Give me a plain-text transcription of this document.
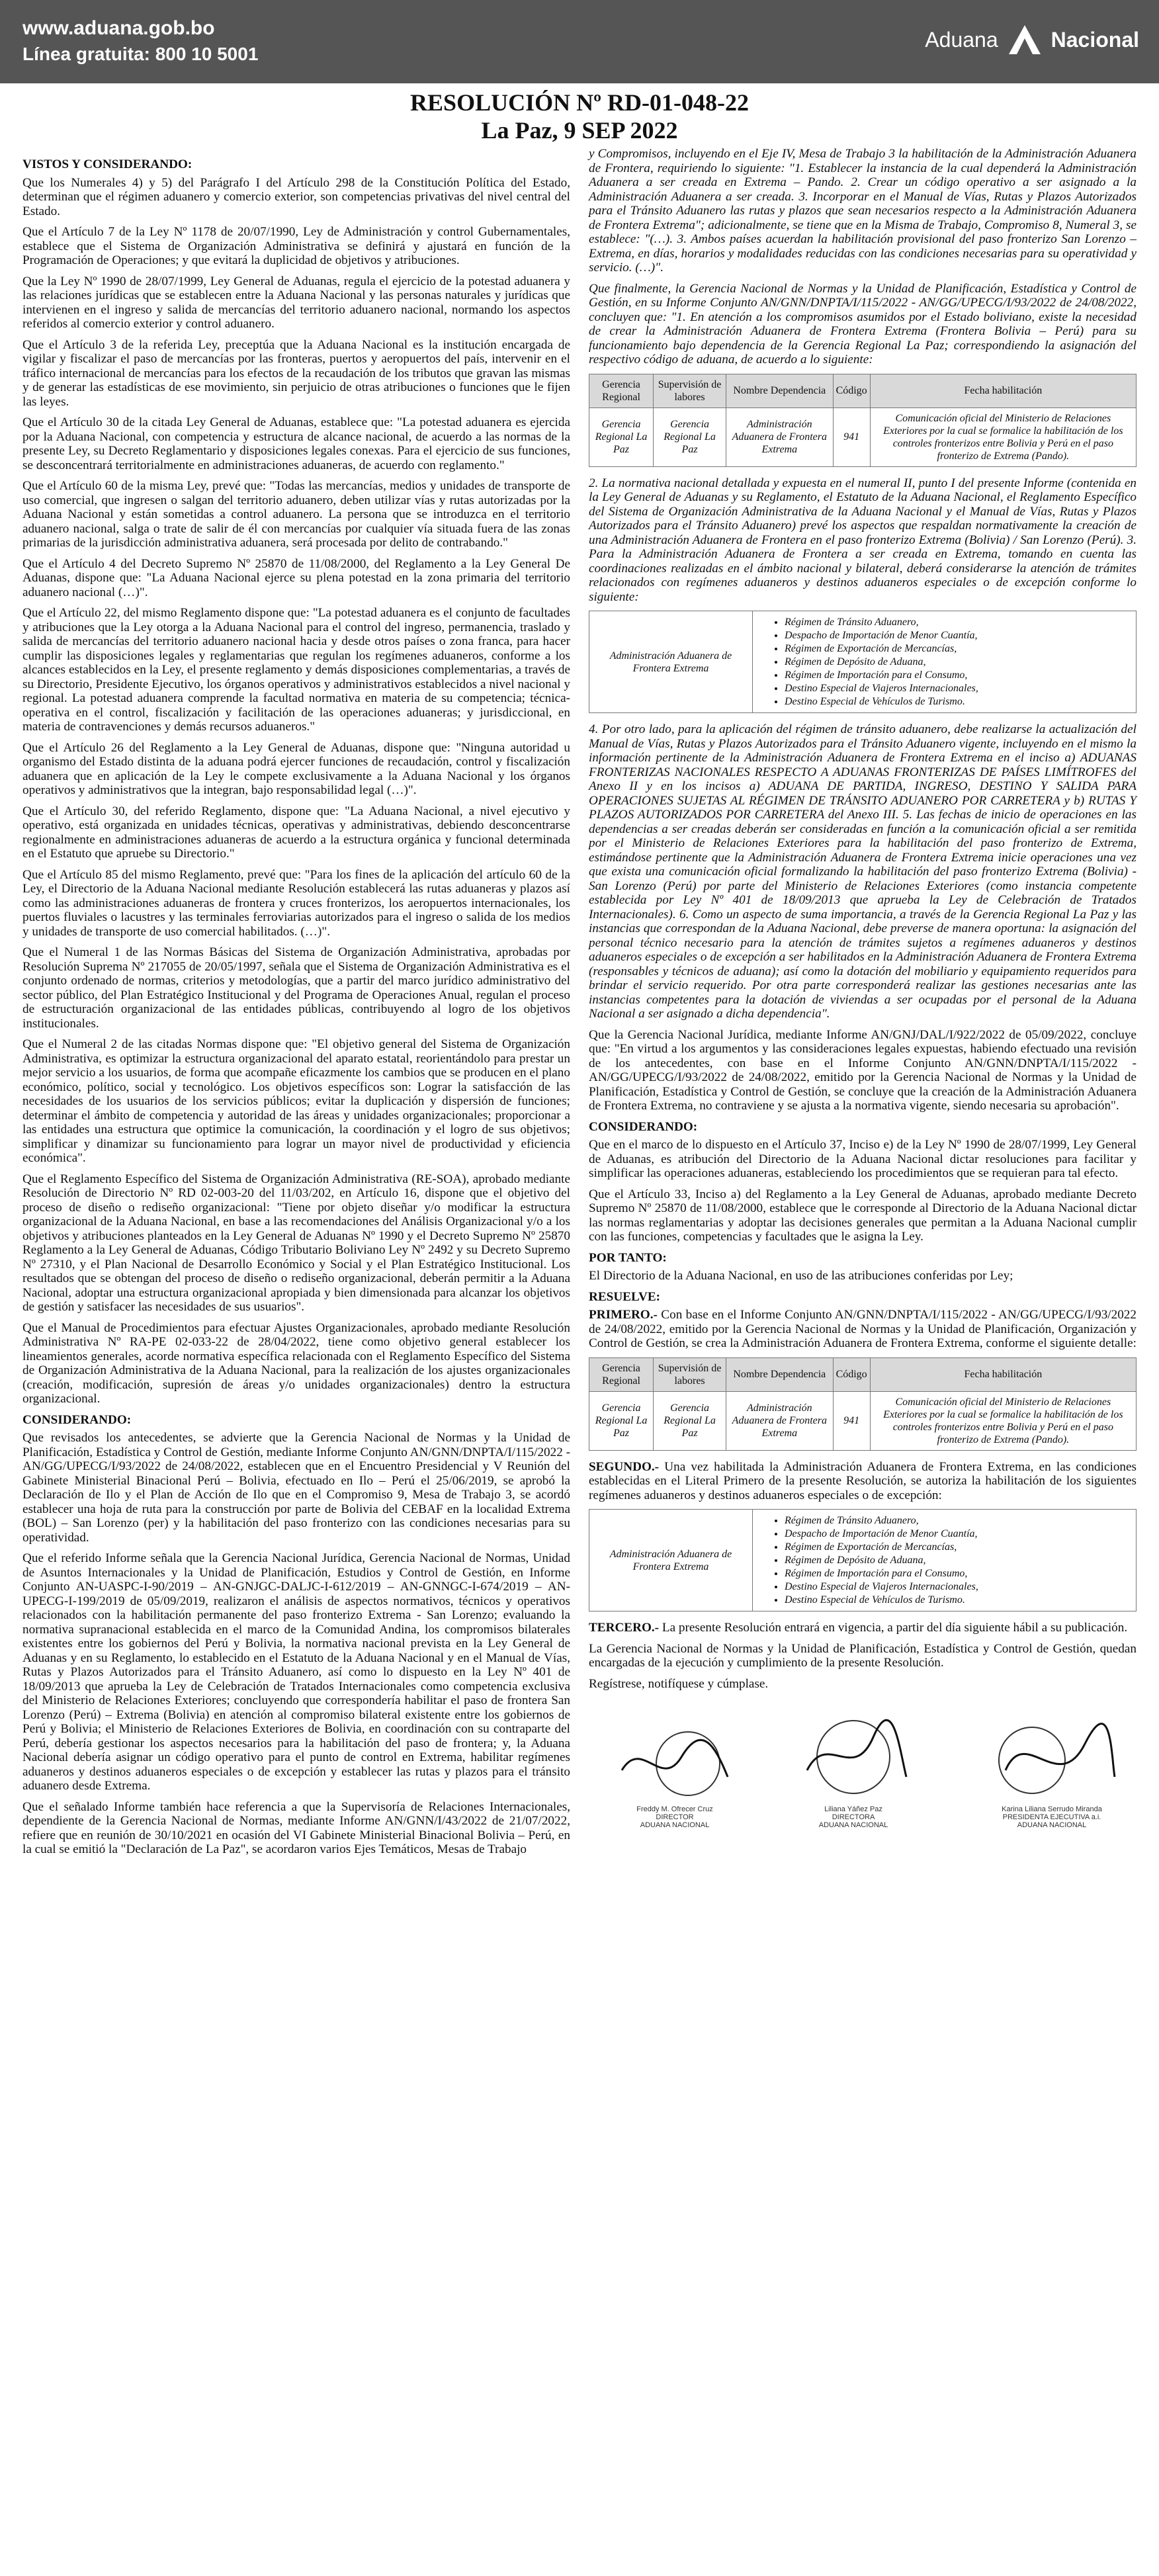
www.aduana.gob.bo
Línea gratuita: 800 10 5001
Aduana	Nacional
RESOLUCIÓN Nº RD-01-048-22
La Paz, 9 SEP 2022
VISTOS Y CONSIDERANDO:

Que los Numerales 4) y 5) del Parágrafo I del Artículo 298 de la Constitución Política del Estado, determinan que el régimen aduanero y comercio exterior, son competencias privativas del nivel central del Estado.

Que el Artículo 7 de la Ley Nº 1178 de 20/07/1990, Ley de Administración y control Gubernamentales, establece que el Sistema de Organización Administrativa se definirá y ajustará en función de la Programación de Operaciones; y que evitará la duplicidad de objetivos y atribuciones.

Que la Ley Nº 1990 de 28/07/1999, Ley General de Aduanas, regula el ejercicio de la potestad aduanera y las relaciones jurídicas que se establecen entre la Aduana Nacional y las personas naturales y jurídicas que intervienen en el ingreso y salida de mercancías del territorio aduanero nacional, normando los aspectos referidos al comercio exterior y control aduanero.

Que el Artículo 3 de la referida Ley, preceptúa que la Aduana Nacional es la institución encargada de vigilar y fiscalizar el paso de mercancías por las fronteras, puertos y aeropuertos del país, intervenir en el tráfico internacional de mercancías para los efectos de la recaudación de los tributos que gravan las mismas y de generar las estadísticas de ese movimiento, sin perjuicio de otras atribuciones o funciones que le fijen las leyes.

Que el Artículo 30 de la citada Ley General de Aduanas, establece que: "La potestad aduanera es ejercida por la Aduana Nacional, con competencia y estructura de alcance nacional, de acuerdo a las normas de la presente Ley, su Decreto Reglamentario y disposiciones legales conexas. Para el ejercicio de sus funciones, se desconcentrará territorialmente en administraciones aduaneras, de acuerdo con reglamento."

Que el Artículo 60 de la misma Ley, prevé que: "Todas las mercancías, medios y unidades de transporte de uso comercial, que ingresen o salgan del territorio aduanero, deben utilizar vías y rutas autorizadas por la Aduana Nacional y están sometidas a control aduanero. La persona que se introduzca en el territorio aduanero nacional, salga o trate de salir de él con mercancías por cualquier vía situada fuera de las zonas primarias de la jurisdicción administrativa aduanera, será procesada por delito de contrabando."

Que el Artículo 4 del Decreto Supremo Nº 25870 de 11/08/2000, del Reglamento a la Ley General De Aduanas, dispone que: "La Aduana Nacional ejerce su plena potestad en la zona primaria del territorio aduanero nacional (…)".

Que el Artículo 22, del mismo Reglamento dispone que: "La potestad aduanera es el conjunto de facultades y atribuciones que la Ley otorga a la Aduana Nacional para el control del ingreso, permanencia, traslado y salida de mercancías del territorio aduanero nacional hacia y desde otros países o zona franca, para hacer cumplir las disposiciones legales y reglamentarias que regulan los regímenes aduaneros, conforme a los alcances establecidos en la Ley, el presente reglamento y demás disposiciones complementarias, a través de su Directorio, Presidente Ejecutivo, los órganos operativos y administrativos establecidos a nivel nacional y regional. La potestad aduanera comprende la facultad normativa en materia de su competencia; técnica-operativa en el control, fiscalización y facilitación de las operaciones aduaneras; y jurisdiccional, en materia de contravenciones y demás recursos aduaneros."

Que el Artículo 26 del Reglamento a la Ley General de Aduanas, dispone que: "Ninguna autoridad u organismo del Estado distinta de la aduana podrá ejercer funciones de recaudación, control y fiscalización aduanera que en aplicación de la Ley le compete exclusivamente a la Aduana Nacional y los órganos operativos y administrativos que la integran, bajo responsabilidad legal (…)".

Que el Artículo 30, del referido Reglamento, dispone que: "La Aduana Nacional, a nivel ejecutivo y operativo, está organizada en unidades técnicas, operativas y administrativas, debiendo desconcentrarse regionalmente en administraciones aduaneras de acuerdo a la estructura orgánica y funcional determinada en el Estatuto que apruebe su Directorio."

Que el Artículo 85 del mismo Reglamento, prevé que: "Para los fines de la aplicación del artículo 60 de la Ley, el Directorio de la Aduana Nacional mediante Resolución establecerá las rutas aduaneras y plazos así como las administraciones aduaneras de frontera y cruces fronterizos, los aeropuertos internacionales, los puertos fluviales o lacustres y las terminales ferroviarias autorizados para el ingreso o salida de los medios y unidades de transporte de uso comercial habilitados. (…)".

Que el Numeral 1 de las Normas Básicas del Sistema de Organización Administrativa, aprobadas por Resolución Suprema Nº 217055 de 20/05/1997, señala que el Sistema de Organización Administrativa es el conjunto ordenado de normas, criterios y metodologías, que a partir del marco jurídico administrativo del sector público, del Plan Estratégico Institucional y del Programa de Operaciones Anual, regulan el proceso de estructuración organizacional de las entidades públicas, contribuyendo al logro de los objetivos institucionales.

Que el Numeral 2 de las citadas Normas dispone que: "El objetivo general del Sistema de Organización Administrativa, es optimizar la estructura organizacional del aparato estatal, reorientándolo para prestar un mejor servicio a los usuarios, de forma que acompañe eficazmente los cambios que se producen en el plano económico, político, social y tecnológico. Los objetivos específicos son: Lograr la satisfacción de las necesidades de los usuarios de los servicios públicos; evitar la duplicación y dispersión de funciones; determinar el ámbito de competencia y autoridad de las áreas y unidades organizacionales; proporcionar a las entidades una estructura que optimice la comunicación, la coordinación y el logro de sus objetivos; simplificar y dinamizar su funcionamiento para lograr un mayor nivel de productividad y eficiencia económica".

Que el Reglamento Específico del Sistema de Organización Administrativa (RE-SOA), aprobado mediante Resolución de Directorio Nº RD 02-003-20 del 11/03/202, en Artículo 16, dispone que el objetivo del proceso de diseño o rediseño organizacional: "Tiene por objeto diseñar y/o modificar la estructura organizacional de la Aduana Nacional, en base a las recomendaciones del Análisis Organizacional y/o a los objetivos y atribuciones planteados en la Ley General de Aduanas Nº 1990 y el Decreto Supremo Nº 25870 Reglamento a la Ley General de Aduanas, Código Tributario Boliviano Ley Nº 2492 y su Decreto Supremo Nº 27310, y el Plan Nacional de Desarrollo Económico y Social y el Plan Estratégico Institucional. Los resultados que se obtengan del proceso de diseño o rediseño organizacional, deberán permitir a la Aduana Nacional, adoptar una estructura organizacional apropiada y bien dimensionada para alcanzar los objetivos de gestión y satisfacer las necesidades de sus usuarios".

Que el Manual de Procedimientos para efectuar Ajustes Organizacionales, aprobado mediante Resolución Administrativa Nº RA-PE 02-033-22 de 28/04/2022, tiene como objetivo general establecer los lineamientos generales, acorde normativa específica relacionada con el Reglamento Específico del Sistema de Organización Administrativa de la Aduana Nacional, para la realización de los ajustes organizacionales (creación, modificación, supresión de áreas y/o unidades organizacionales) dentro la estructura organizacional.

CONSIDERANDO:

Que revisados los antecedentes, se advierte que la Gerencia Nacional de Normas y la Unidad de Planificación, Estadística y Control de Gestión, mediante Informe Conjunto AN/GNN/DNPTA/I/115/2022 - AN/GG/UPECG/I/93/2022 de 24/08/2022, establecen que en el Encuentro Presidencial y V Reunión del Gabinete Ministerial Binacional Perú – Bolivia, efectuado en Ilo – Perú el 25/06/2019, se aprobó la Declaración de Ilo y el Plan de Acción de Ilo que en el Compromiso 9, Mesa de Trabajo 3, se acordó establecer una hoja de ruta para la construcción por parte de Bolivia del CEBAF en la localidad Extrema (BOL) – San Lorenzo (per) y la habilitación del paso fronterizo con las condiciones necesarias para su operatividad.

Que el referido Informe señala que la Gerencia Nacional Jurídica, Gerencia Nacional de Normas, Unidad de Asuntos Internacionales y la Unidad de Planificación, Estudios y Control de Gestión, en Informe Conjunto AN-UASPC-I-90/2019 – AN-GNJGC-DALJC-I-612/2019 – AN-GNNGC-I-674/2019 – AN-UPECG-I-199/2019 de 05/09/2019, realizaron el análisis de aspectos normativos, técnicos y operativos relacionados con la habilitación permanente del paso fronterizo Extrema - San Lorenzo; evaluando la normativa supranacional establecida en el marco de la Comunidad Andina, los compromisos bilaterales existentes entre los gobiernos del Perú y Bolivia, la normativa nacional prevista en la Ley General de Aduanas y en su Reglamento, lo establecido en el Estatuto de la Aduana Nacional y en el Manual de Vías, Rutas y Plazos Autorizados para el Tránsito Aduanero, así como lo dispuesto en la Ley Nº 401 de 18/09/2013 que aprueba la Ley de Celebración de Tratados Internacionales como competencia exclusiva del Ministerio de Relaciones Exteriores; concluyendo que correspondería habilitar el paso de frontera San Lorenzo (Perú) – Extrema (Bolivia) en atención al compromiso bilateral existente entre los gobiernos de Perú y Bolivia; el Ministerio de Relaciones Exteriores de Bolivia, en coordinación con su contraparte del Perú, debería gestionar los aspectos necesarios para la habilitación del paso de frontera; y, la Aduana Nacional debería asignar un código operativo para el punto de control en Extrema, habilitar regímenes aduaneros y destinos aduaneros especiales o de excepción y establecer las rutas y plazos para el tránsito aduanero desde Extrema.

Que el señalado Informe también hace referencia a que la Supervisoría de Relaciones Internacionales, dependiente de la Gerencia Nacional de Normas, mediante Informe AN/GNN/I/43/2022 de 21/07/2022, refiere que en reunión de 30/10/2021 en ocasión del VI Gabinete Ministerial Binacional Bolivia – Perú, en la cual se emitió la "Declaración de La Paz", se acordaron varios Ejes Temáticos, Mesas de Trabajo

y Compromisos, incluyendo en el Eje IV, Mesa de Trabajo 3 la habilitación de la Administración Aduanera de Frontera, requiriendo lo siguiente: "1. Establecer la instancia de la cual dependerá la Administración Aduanera a ser creada en Extrema – Pando. 2. Crear un código operativo a ser asignado a la Administración Aduanera a ser creada. 3. Incorporar en el Manual de Vías, Rutas y Plazos Autorizados para el Tránsito Aduanero las rutas y plazos que sean necesarios respecto a la Administración Aduanera de Frontera Extrema"; adicionalmente, se tiene que en la Misma de Trabajo, Compromiso 8, Numeral 3, se establece: "(…). 3. Ambos países acuerdan la habilitación provisional del paso fronterizo San Lorenzo – Extrema, en días, horarios y modalidades reducidas con las condiciones necesarias para su operatividad y servicio. (…)".

Que finalmente, la Gerencia Nacional de Normas y la Unidad de Planificación, Estadística y Control de Gestión, en su Informe Conjunto AN/GNN/DNPTA/I/115/2022 - AN/GG/UPECG/I/93/2022 de 24/08/2022, concluyen que: "1. En atención a los compromisos asumidos por el Estado boliviano, existe la necesidad de crear la Administración Aduanera de Frontera Extrema (Frontera Bolivia – Perú) para su funcionamiento bajo dependencia de la Gerencia Regional La Paz; correspondiendo la asignación del respectivo código de aduana, de acuerdo a lo siguiente:

Gerencia Regional	Supervisión de labores	Nombre Dependencia	Código	Fecha habilitación
Gerencia Regional La Paz	Gerencia Regional La Paz	Administración Aduanera de Frontera Extrema	941	Comunicación oficial del Ministerio de Relaciones Exteriores por la cual se formalice la habilitación de los controles fronterizos entre Bolivia y Perú en el paso fronterizo de Extrema (Pando).

2. La normativa nacional detallada y expuesta en el numeral II, punto I del presente Informe (contenida en la Ley General de Aduanas y su Reglamento, el Estatuto de la Aduana Nacional, el Reglamento Específico del Sistema de Organización Administrativa de la Aduana Nacional y el Manual de Vías, Rutas y Plazos Autorizados para el Tránsito Aduanero) prevé los aspectos que respaldan normativamente la creación de una Administración Aduanera de Frontera en el paso fronterizo Extrema (Bolivia) / San Lorenzo (Perú). 3. Para la Administración Aduanera de Frontera a ser creada en Extrema, tomando en cuenta las coordinaciones realizadas en el ámbito nacional y bilateral, deberá considerarse la atención de trámites relacionados con regímenes aduaneros y destinos aduaneros especiales o de excepción conforme lo siguiente:

Administración Aduanera de Frontera Extrema	
• Régimen de Tránsito Aduanero,
• Despacho de Importación de Menor Cuantía,
• Régimen de Exportación de Mercancías,
• Régimen de Depósito de Aduana,
• Régimen de Importación para el Consumo,
• Destino Especial de Viajeros Internacionales,
• Destino Especial de Vehículos de Turismo.

4. Por otro lado, para la aplicación del régimen de tránsito aduanero, debe realizarse la actualización del Manual de Vías, Rutas y Plazos Autorizados para el Tránsito Aduanero vigente, incluyendo en el mismo la información pertinente de la Administración Aduanera de Frontera Extrema en el inciso a) ADUANAS FRONTERIZAS NACIONALES RESPECTO A ADUANAS FRONTERIZAS DE PAÍSES LIMÍTROFES del Anexo II y en los incisos a) ADUANA DE PARTIDA, INGRESO, DESTINO Y SALIDA PARA OPERACIONES SUJETAS AL RÉGIMEN DE TRÁNSITO ADUANERO POR CARRETERA y b) RUTAS Y PLAZOS AUTORIZADOS POR CARRETERA del Anexo III. 5. Las fechas de inicio de operaciones en las dependencias a ser creadas deberán ser consideradas en función a la comunicación oficial a ser remitida por el Ministerio de Relaciones Exteriores para la habilitación del paso fronterizo de Extrema, estimándose pertinente que la Administración Aduanera de Frontera Extrema inicie operaciones una vez que exista una comunicación oficial formalizando la habilitación del paso fronterizo Extrema (Bolivia) - San Lorenzo (Perú) por parte del Ministerio de Relaciones Exteriores (como instancia competente establecida por Ley Nº 401 de 18/09/2013 que aprueba la Ley de Celebración de Tratados Internacionales). 6. Como un aspecto de suma importancia, a través de la Gerencia Regional La Paz y las instancias que correspondan de la Aduana Nacional, debe preverse de manera oportuna: la asignación del personal técnico necesario para la atención de trámites sujetos a regímenes aduaneros y destinos aduaneros especiales o de excepción a ser habilitados en la Administración Aduanera de Frontera Extrema (responsables y técnicos de aduana); así como la dotación del mobiliario y equipamiento requeridos para brindar el servicio requerido. Por otra parte corresponderá realizar las gestiones necesarias ante las instancias competentes para la dotación de viviendas a ser ocupadas por el personal de la Aduana Nacional a ser asignado a dicha dependencia".

Que la Gerencia Nacional Jurídica, mediante Informe AN/GNJ/DAL/I/922/2022 de 05/09/2022, concluye que: "En virtud a los argumentos y las consideraciones legales expuestas, habiendo efectuado una revisión de los antecedentes, con base en el Informe Conjunto AN/GNN/DNPTA/I/115/2022 - AN/GG/UPECG/I/93/2022 de 24/08/2022, emitido por la Gerencia Nacional de Normas y la Unidad de Planificación, Estadística y Control de Gestión, se concluye que la creación de la Administración Aduanera de Frontera Extrema, no contraviene y se ajusta a la normativa vigente, siendo necesaria su aprobación".

CONSIDERANDO:

Que en el marco de lo dispuesto en el Artículo 37, Inciso e) de la Ley Nº 1990 de 28/07/1999, Ley General de Aduanas, es atribución del Directorio de la Aduana Nacional dictar resoluciones para facilitar y simplificar las operaciones aduaneras, estableciendo los procedimientos que se requieran para tal efecto.

Que el Artículo 33, Inciso a) del Reglamento a la Ley General de Aduanas, aprobado mediante Decreto Supremo Nº 25870 de 11/08/2000, establece que le corresponde al Directorio de la Aduana Nacional dictar las normas reglamentarias y adoptar las decisiones generales que permitan a la Aduana Nacional cumplir con las funciones, competencias y facultades que le asigna la Ley.

POR TANTO:

El Directorio de la Aduana Nacional, en uso de las atribuciones conferidas por Ley;

RESUELVE:

PRIMERO.- Con base en el Informe Conjunto AN/GNN/DNPTA/I/115/2022 - AN/GG/UPECG/I/93/2022 de 24/08/2022, emitido por la Gerencia Nacional de Normas y la Unidad de Planificación, Organización y Control de Gestión, se crea la Administración Aduanera de Frontera Extrema, conforme el siguiente detalle:

Gerencia Regional	Supervisión de labores	Nombre Dependencia	Código	Fecha habilitación
Gerencia Regional La Paz	Gerencia Regional La Paz	Administración Aduanera de Frontera Extrema	941	Comunicación oficial del Ministerio de Relaciones Exteriores por la cual se formalice la habilitación de los controles fronterizos entre Bolivia y Perú en el paso fronterizo de Extrema (Pando).

SEGUNDO.- Una vez habilitada la Administración Aduanera de Frontera Extrema, en las condiciones establecidas en el Literal Primero de la presente Resolución, se autoriza la habilitación de los siguientes regímenes aduaneros y destinos aduaneros especiales o de excepción:

Administración Aduanera de Frontera Extrema	
• Régimen de Tránsito Aduanero,
• Despacho de Importación de Menor Cuantía,
• Régimen de Exportación de Mercancías,
• Régimen de Depósito de Aduana,
• Régimen de Importación para el Consumo,
• Destino Especial de Viajeros Internacionales,
• Destino Especial de Vehículos de Turismo.

TERCERO.- La presente Resolución entrará en vigencia, a partir del día siguiente hábil a su publicación.

La Gerencia Nacional de Normas y la Unidad de Planificación, Estadística y Control de Gestión, quedan encargadas de la ejecución y cumplimiento de la presente Resolución.

Regístrese, notifíquese y cúmplase.

Freddy M. Ofrecer Cruz
DIRECTOR
ADUANA NACIONAL
Liliana Yáñez Paz
DIRECTORA
ADUANA NACIONAL
Karina Liliana Serrudo Miranda
PRESIDENTA EJECUTIVA a.i.
ADUANA NACIONAL
